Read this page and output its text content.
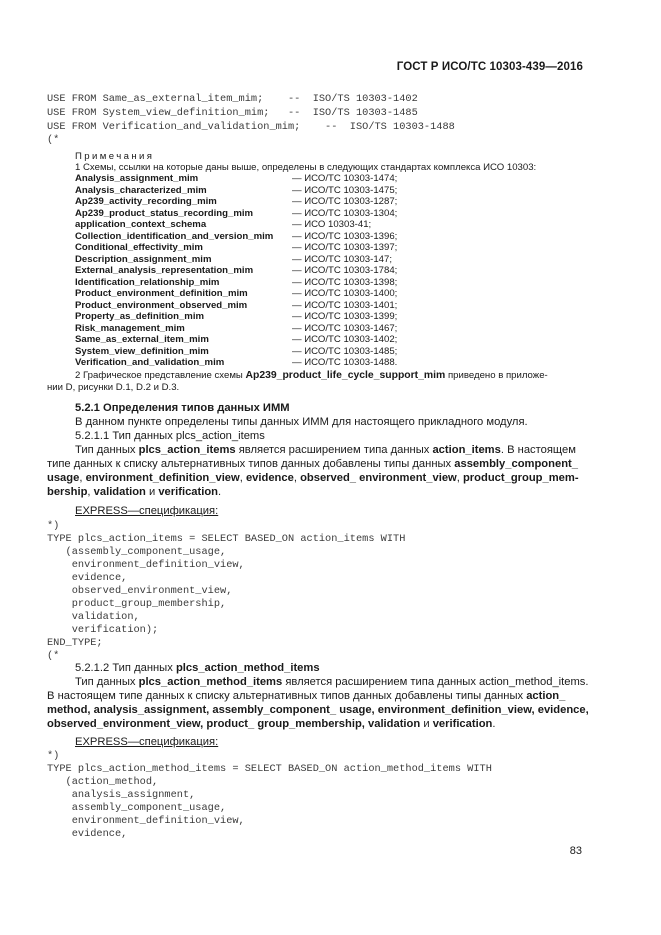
ГОСТ Р ИСО/ТС 10303-439—2016
USE FROM Same_as_external_item_mim;    --  ISO/TS 10303-1402
USE FROM System_view_definition_mim;   --  ISO/TS 10303-1485
USE FROM Verification_and_validation_mim;    --  ISO/TS 10303-1488
(*
Примечания
1 Схемы, ссылки на которые даны выше, определены в следующих стандартах комплекса ИСО 10303:
Analysis_assignment_mim	— ИСО/ТС 10303-1474;
Analysis_characterized_mim	— ИСО/ТС 10303-1475;
Ap239_activity_recording_mim	— ИСО/ТС 10303-1287;
Ap239_product_status_recording_mim	— ИСО/ТС 10303-1304;
application_context_schema	— ИСО 10303-41;
Collection_identification_and_version_mim — ИСО/ТС 10303-1396;
Conditional_effectivity_mim	— ИСО/ТС 10303-1397;
Description_assignment_mim	— ИСО/ТС 10303-147;
External_analysis_representation_mim	— ИСО/ТС 10303-1784;
Identification_relationship_mim	— ИСО/ТС 10303-1398;
Product_environment_definition_mim	— ИСО/ТС 10303-1400;
Product_environment_observed_mim	— ИСО/ТС 10303-1401;
Property_as_definition_mim	— ИСО/ТС 10303-1399;
Risk_management_mim	— ИСО/ТС 10303-1467;
Same_as_external_item_mim	— ИСО/ТС 10303-1402;
System_view_definition_mim	— ИСО/ТС 10303-1485;
Verification_and_validation_mim	— ИСО/ТС 10303-1488.
2 Графическое представление схемы Ap239_product_life_cycle_support_mim приведено в приложе-
нии D, рисунки D.1, D.2 и D.3.
5.2.1 Определения типов данных ИММ
В данном пункте определены типы данных ИММ для настоящего прикладного модуля.
5.2.1.1 Тип данных plcs_action_items
Тип данных plcs_action_items является расширением типа данных action_items. В настоящем
типе данных к списку альтернативных типов данных добавлены типы данных assembly_component_
usage, environment_definition_view, evidence, observed_ environment_view, product_group_mem-
bership, validation и verification.
EXPRESS—спецификация:
*)
TYPE plcs_action_items = SELECT BASED_ON action_items WITH
(assembly_component_usage,
environment_definition_view,
evidence,
observed_environment_view,
product_group_membership,
validation,
verification);
END_TYPE;
(*
5.2.1.2 Тип данных plcs_action_method_items
Тип данных plcs_action_method_items является расширением типа данных action_method_items.
В настоящем типе данных к списку альтернативных типов данных добавлены типы данных action_
method, analysis_assignment, assembly_component_ usage, environment_definition_view, evidence,
observed_environment_view, product_ group_membership, validation и verification.
EXPRESS—спецификация:
*)
TYPE plcs_action_method_items = SELECT BASED_ON action_method_items WITH
(action_method,
analysis_assignment,
assembly_component_usage,
environment_definition_view,
evidence,
83
